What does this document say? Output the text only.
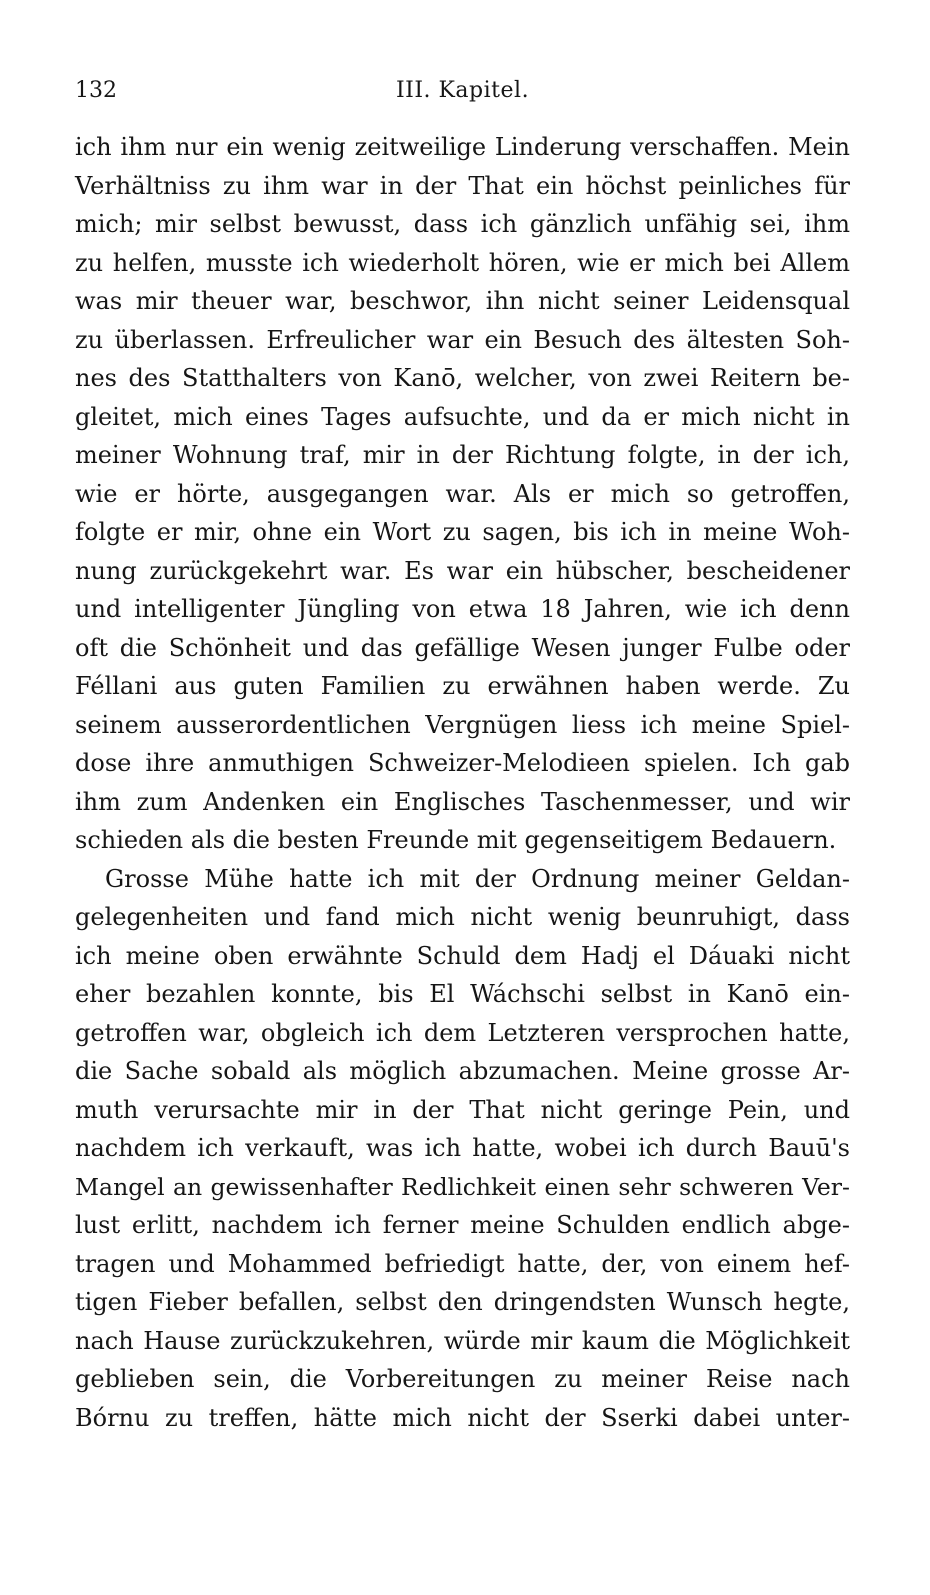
132	III. Kapitel.
ich ihm nur ein wenig zeitweilige Linderung verschaffen. Mein
Verhältniss zu ihm war in der That ein höchst peinliches für
mich; mir selbst bewusst, dass ich gänzlich unfähig sei, ihm
zu helfen, musste ich wiederholt hören, wie er mich bei Allem
was mir theuer war, beschwor, ihn nicht seiner Leidensqual
zu überlassen. Erfreulicher war ein Besuch des ältesten Soh-
nes des Statthalters von Kanō, welcher, von zwei Reitern be-
gleitet, mich eines Tages aufsuchte, und da er mich nicht in
meiner Wohnung traf, mir in der Richtung folgte, in der ich,
wie er hörte, ausgegangen war. Als er mich so getroffen,
folgte er mir, ohne ein Wort zu sagen, bis ich in meine Woh-
nung zurückgekehrt war. Es war ein hübscher, bescheidener
und intelligenter Jüngling von etwa 18 Jahren, wie ich denn
oft die Schönheit und das gefällige Wesen junger Fulbe oder
Féllani aus guten Familien zu erwähnen haben werde. Zu
seinem ausserordentlichen Vergnügen liess ich meine Spiel-
dose ihre anmuthigen Schweizer-Melodieen spielen. Ich gab
ihm zum Andenken ein Englisches Taschenmesser, und wir
schieden als die besten Freunde mit gegenseitigem Bedauern.
Grosse Mühe hatte ich mit der Ordnung meiner Geldan-
gelegenheiten und fand mich nicht wenig beunruhigt, dass
ich meine oben erwähnte Schuld dem Hadj el Dáuaki nicht
eher bezahlen konnte, bis El Wáchschi selbst in Kanō ein-
getroffen war, obgleich ich dem Letzteren versprochen hatte,
die Sache sobald als möglich abzumachen. Meine grosse Ar-
muth verursachte mir in der That nicht geringe Pein, und
nachdem ich verkauft, was ich hatte, wobei ich durch Bauū's
Mangel an gewissenhafter Redlichkeit einen sehr schweren Ver-
lust erlitt, nachdem ich ferner meine Schulden endlich abge-
tragen und Mohammed befriedigt hatte, der, von einem hef-
tigen Fieber befallen, selbst den dringendsten Wunsch hegte,
nach Hause zurückzukehren, würde mir kaum die Möglichkeit
geblieben sein, die Vorbereitungen zu meiner Reise nach
Bórnu zu treffen, hätte mich nicht der Sserki dabei unter-
